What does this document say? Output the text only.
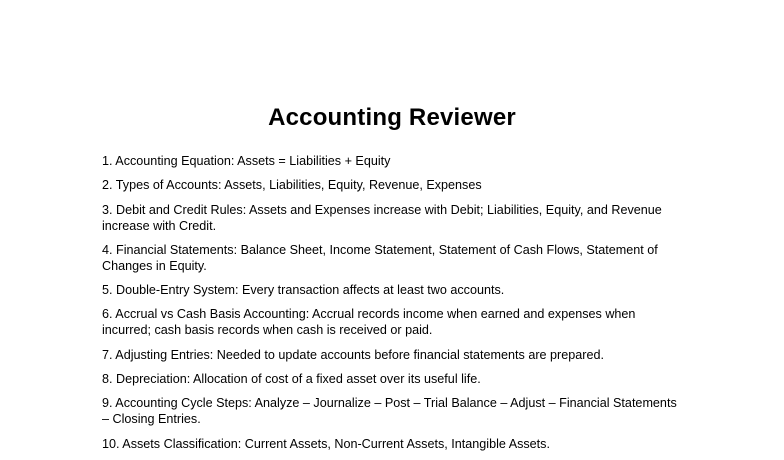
Accounting Reviewer
1. Accounting Equation: Assets = Liabilities + Equity
2. Types of Accounts: Assets, Liabilities, Equity, Revenue, Expenses
3. Debit and Credit Rules: Assets and Expenses increase with Debit; Liabilities, Equity, and Revenue increase with Credit.
4. Financial Statements: Balance Sheet, Income Statement, Statement of Cash Flows, Statement of Changes in Equity.
5. Double-Entry System: Every transaction affects at least two accounts.
6. Accrual vs Cash Basis Accounting: Accrual records income when earned and expenses when incurred; cash basis records when cash is received or paid.
7. Adjusting Entries: Needed to update accounts before financial statements are prepared.
8. Depreciation: Allocation of cost of a fixed asset over its useful life.
9. Accounting Cycle Steps: Analyze – Journalize – Post – Trial Balance – Adjust – Financial Statements – Closing Entries.
10. Assets Classification: Current Assets, Non-Current Assets, Intangible Assets.
